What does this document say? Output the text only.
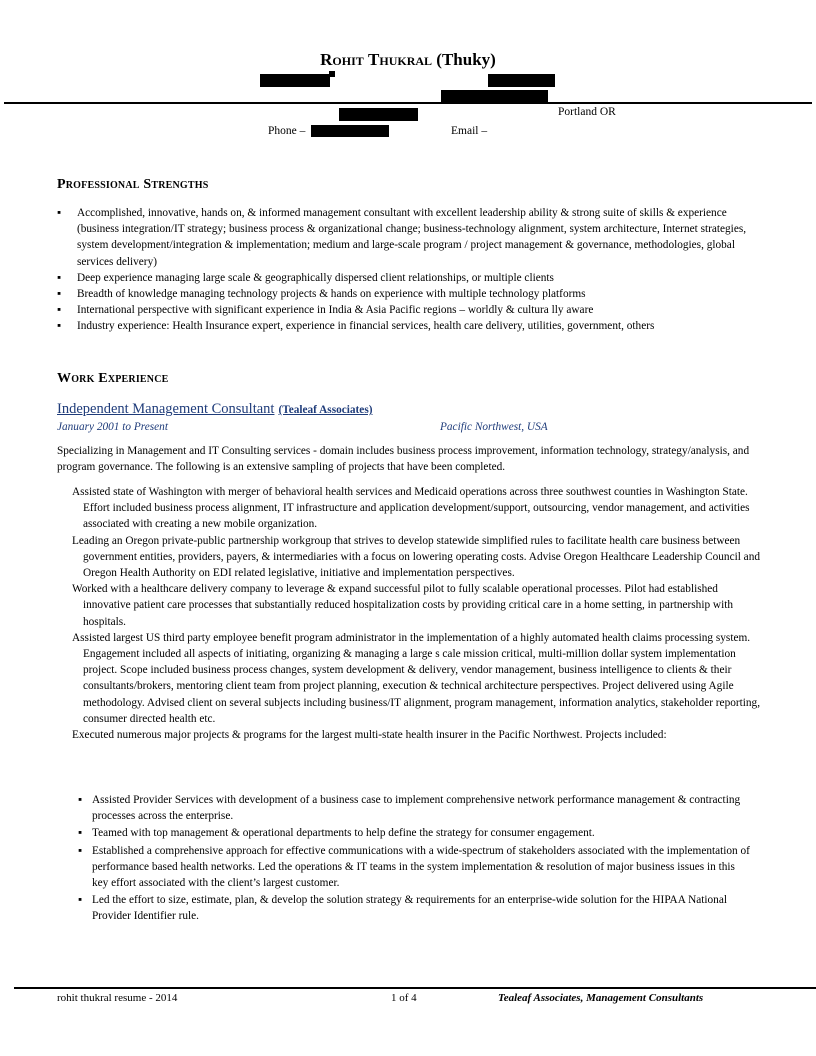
Rohit Thukral (Thuky)
Portland OR
Phone –	Email –
Professional Strengths
▪ Accomplished, innovative, hands on, & informed management consultant with excellent leadership ability & strong suite of skills & experience (business integration/IT strategy; business process & organizational change; business-technology alignment, system architecture, Internet strategies, system development/integration & implementation; medium and large-scale program / project management & governance, methodologies, global services delivery)
▪ Deep experience managing large scale & geographically dispersed client relationships, or multiple clients
▪ Breadth of knowledge managing technology projects & hands on experience with multiple technology platforms
▪ International perspective with significant experience in India & Asia Pacific regions – worldly & cultura lly aware
▪ Industry experience: Health Insurance expert, experience in financial services, health care delivery, utilities, government, others
Work Experience
Independent Management Consultant (Tealeaf Associates)
January 2001 to Present	Pacific Northwest, USA
Specializing in Management and IT Consulting services - domain includes business process improvement, information technology, strategy/analysis, and program governance. The following is an extensive sampling of projects that have been completed.

Assisted state of Washington with merger of behavioral health services and Medicaid operations across three southwest counties in Washington State. Effort included business process alignment, IT infrastructure and application development/support, outsourcing, vendor management, and activities associated with creating a new mobile organization.

Leading an Oregon private-public partnership workgroup that strives to develop statewide simplified rules to facilitate health care business between government entities, providers, payers, & intermediaries with a focus on lowering operating costs. Advise Oregon Healthcare Leadership Council and Oregon Health Authority on EDI related legislative, initiative and implementation perspectives.

Worked with a healthcare delivery company to leverage & expand successful pilot to fully scalable operational processes. Pilot had established innovative patient care processes that substantially reduced hospitalization costs by providing critical care in a home setting, in partnership with hospitals.

Assisted largest US third party employee benefit program administrator in the implementation of a highly automated health claims processing system. Engagement included all aspects of initiating, organizing & managing a large s cale mission critical, multi-million dollar system implementation project. Scope included business process changes, system development & delivery, vendor management, business intelligence to clients & their consultants/brokers, mentoring client team from project planning, execution & technical architecture perspectives. Project delivered using Agile methodology. Advised client on several subjects including business/IT alignment, program management, information analytics, stakeholder reporting, consumer directed health etc.

Executed numerous major projects & programs for the largest multi-state health insurer in the Pacific Northwest. Projects included:

▪ Assisted Provider Services with development of a business case to implement comprehensive network performance management & contracting processes across the enterprise.
▪ Teamed with top management & operational departments to help define the strategy for consumer engagement.
▪ Established a comprehensive approach for effective communications with a wide-spectrum of stakeholders associated with the implementation of performance based health networks. Led the operations & IT teams in the system implementation & resolution of major business issues in this key effort associated with the client’s largest customer.
▪ Led the effort to size, estimate, plan, & develop the solution strategy & requirements for an enterprise-wide solution for the HIPAA National Provider Identifier rule.
rohit thukral resume - 2014	1 of 4	Tealeaf Associates, Management Consultants
